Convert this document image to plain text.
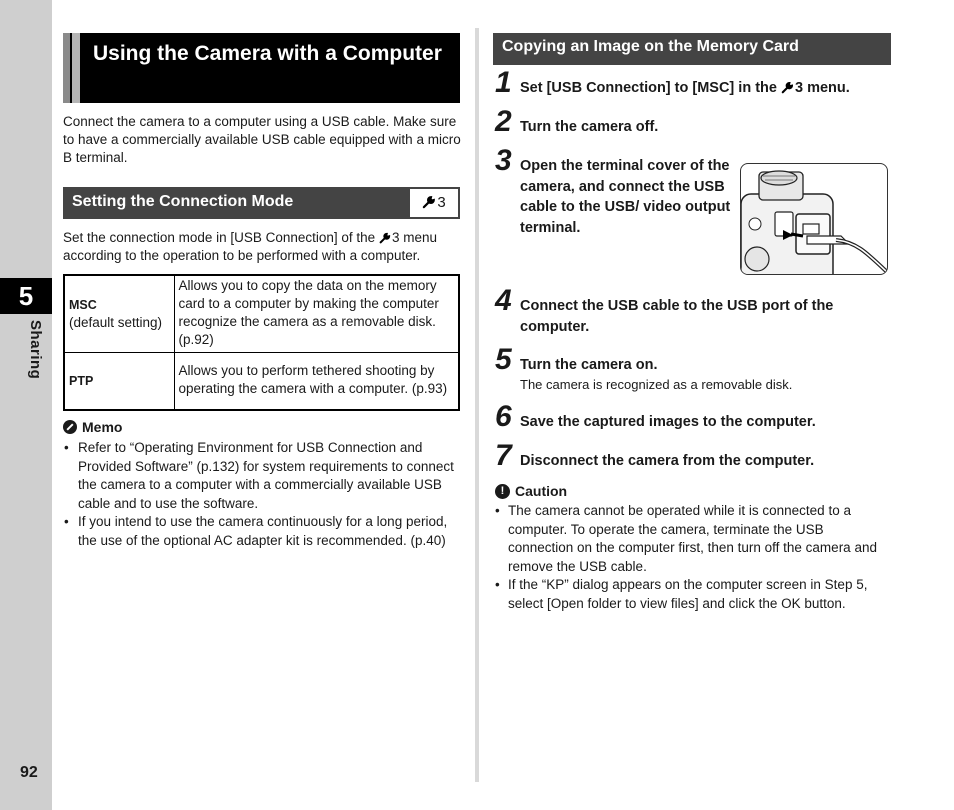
5
Sharing
92
Using the Camera with a Computer

Connect the camera to a computer using a USB cable. Make sure to have a commercially available USB cable equipped with a micro B terminal.

Setting the Connection Mode	3

Set the connection mode in [USB Connection] of the 3 menu according to the operation to be performed with a computer.

MSC
(default setting)	Allows you to copy the data on the memory card to a computer by making the computer recognize the camera as a removable disk. (p.92)

PTP	Allows you to perform tethered shooting by operating the camera with a computer. (p.93)
Memo
• Refer to “Operating Environment for USB Connection and Provided Software” (p.132) for system requirements to connect the camera to a computer with a commercially available USB cable and to use the software.
• If you intend to use the camera continuously for a long period, the use of the optional AC adapter kit is recommended. (p.40)
Copying an Image on the Memory Card
1 Set [USB Connection] to [MSC] in the 3 menu.
2 Turn the camera off.
3 Open the terminal cover of the camera, and connect the USB cable to the USB/ video output terminal.
4 Connect the USB cable to the USB port of the computer.
5 Turn the camera on.
The camera is recognized as a removable disk.
6 Save the captured images to the computer.
7 Disconnect the camera from the computer.
! Caution
• The camera cannot be operated while it is connected to a computer. To operate the camera, terminate the USB connection on the computer first, then turn off the camera and remove the USB cable.
• If the “KP” dialog appears on the computer screen in Step 5, select [Open folder to view files] and click the OK button.
